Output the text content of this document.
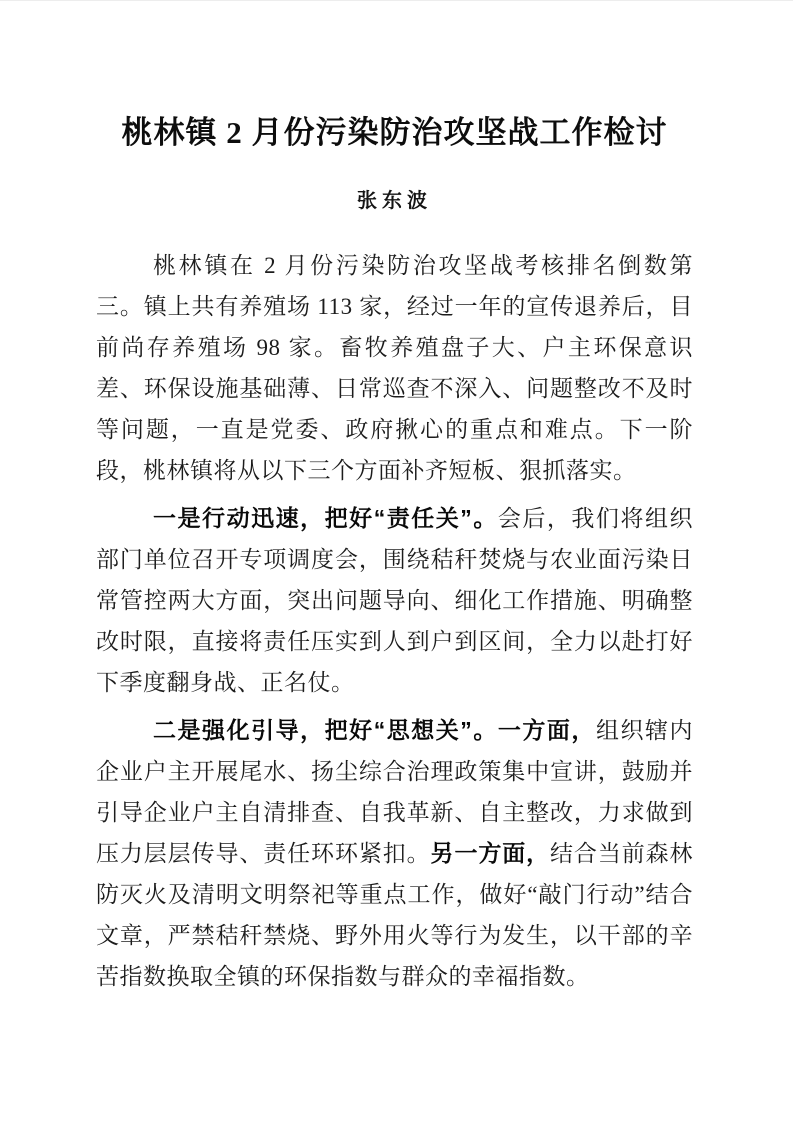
桃林镇 2 月份污染防治攻坚战工作检讨
张东波

桃林镇在 2 月份污染防治攻坚战考核排名倒数第三。镇上共有养殖场 113 家，经过一年的宣传退养后，目前尚存养殖场 98 家。畜牧养殖盘子大、户主环保意识差、环保设施基础薄、日常巡查不深入、问题整改不及时等问题，一直是党委、政府揪心的重点和难点。下一阶段，桃林镇将从以下三个方面补齐短板、狠抓落实。

一是行动迅速，把好“责任关”。会后，我们将组织部门单位召开专项调度会，围绕秸秆焚烧与农业面污染日常管控两大方面，突出问题导向、细化工作措施、明确整改时限，直接将责任压实到人到户到区间，全力以赴打好下季度翻身战、正名仗。

二是强化引导，把好“思想关”。一方面，组织辖内企业户主开展尾水、扬尘综合治理政策集中宣讲，鼓励并引导企业户主自清排查、自我革新、自主整改，力求做到压力层层传导、责任环环紧扣。另一方面，结合当前森林防灭火及清明文明祭祀等重点工作，做好“敲门行动”结合文章，严禁秸秆禁烧、野外用火等行为发生，以干部的辛苦指数换取全镇的环保指数与群众的幸福指数。
